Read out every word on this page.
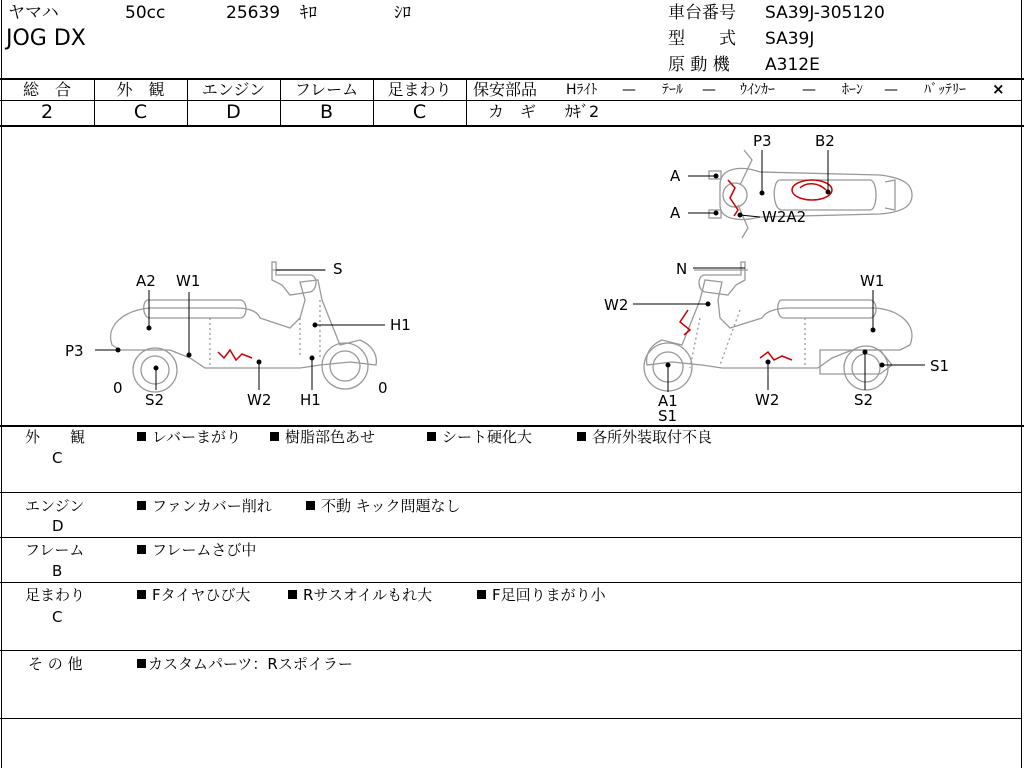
ヤマハ	50cc	25639 ｷﾛ	ｼﾛ
JOG DX
車台番号 SA39J-305120
型　　式 SA39J
原 動 機 A312E
総　合	外　観	エンジン	フレーム	足まわり
2	C	D	B	C
保安部品 Hﾗｲﾄ — ﾃｰﾙ — ｳｲﾝｶｰ — ﾎｰﾝ — ﾊﾞｯﾃﾘｰ ×
カ　ギ ｶｷﾞ2
P3	B2
A
A	W2A2
A2 W1
S
H1
P3
0
S2	W2 H1
0
N
W1
W2
S1
A1
S1
W2	S2
外　　観
C
レバーまがり	樹脂部色あせ	シート硬化大	各所外装取付不良
エンジン
D
ファンカバー削れ	不動 キック問題なし
フレーム
B
フレームさび中
足まわり
C
Fタイヤひび大	Rサスオイルもれ大	F足回りまがり小
そ の 他	カスタムパーツ：Rスポイラー
